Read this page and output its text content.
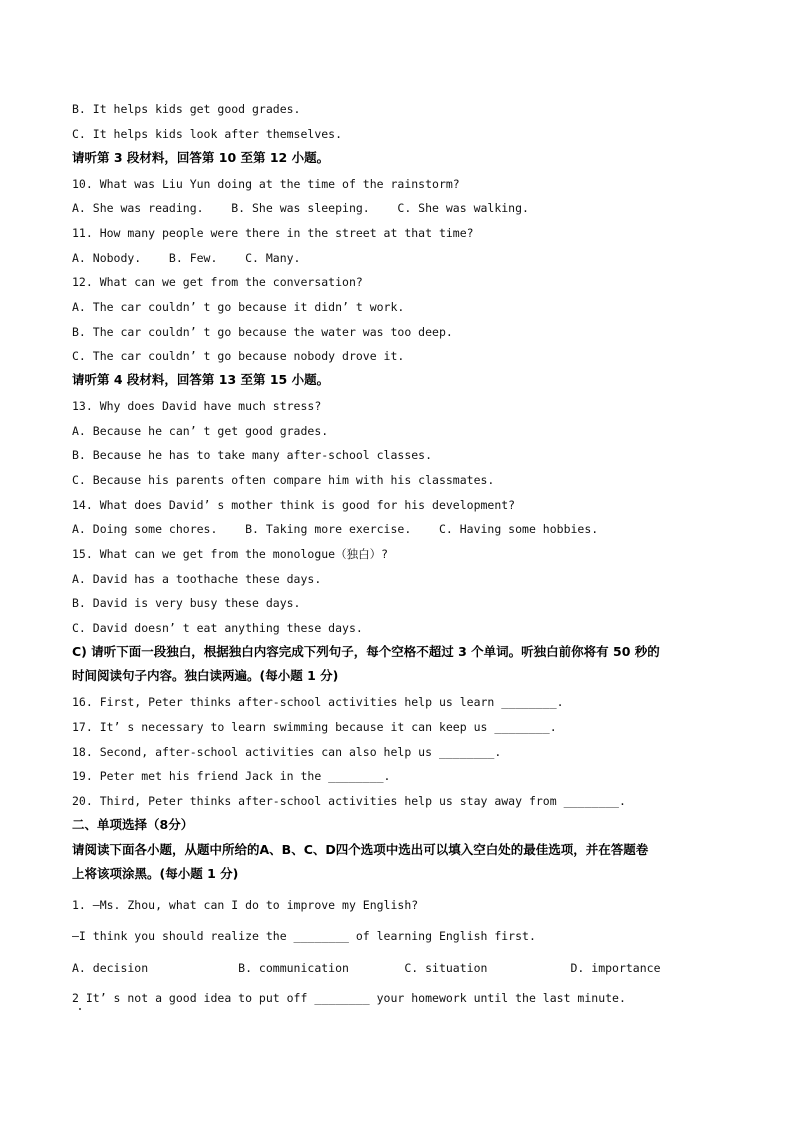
B. It helps kids get good grades.
C. It helps kids look after themselves.
请听第 3 段材料，回答第 10 至第 12 小题。
10. What was Liu Yun doing at the time of the rainstorm?
A. She was reading.    B. She was sleeping.    C. She was walking.
11. How many people were there in the street at that time?
A. Nobody.    B. Few.    C. Many.
12. What can we get from the conversation?
A. The car couldn’ t go because it didn’ t work.
B. The car couldn’ t go because the water was too deep.
C. The car couldn’ t go because nobody drove it.
请听第 4 段材料，回答第 13 至第 15 小题。
13. Why does David have much stress?
A. Because he can’ t get good grades.
B. Because he has to take many after-school classes.
C. Because his parents often compare him with his classmates.
14. What does David’ s mother think is good for his development?
A. Doing some chores.    B. Taking more exercise.    C. Having some hobbies.
15. What can we get from the monologue（独白）?
A. David has a toothache these days.
B. David is very busy these days.
C. David doesn’ t eat anything these days.
C) 请听下面一段独白，根据独白内容完成下列句子，每个空格不超过 3 个单词。听独白前你将有 50 秒的
时间阅读句子内容。独白读两遍。(每小题 1 分)
16. First, Peter thinks after-school activities help us learn ________.
17. It’ s necessary to learn swimming because it can keep us ________.
18. Second, after-school activities can also help us ________.
19. Peter met his friend Jack in the ________.
20. Third, Peter thinks after-school activities help us stay away from ________.
二、单项选择（8分）
请阅读下面各小题，从题中所给的A、B、C、D四个选项中选出可以填入空白处的最佳选项，并在答题卷
上将该项涂黑。(每小题 1 分)
1. —Ms. Zhou, what can I do to improve my English?
—I think you should realize the ________ of learning English first.
A. decision             B. communication        C. situation            D. importance
2 It’ s not a good idea to put off ________ your homework until the last minute.
